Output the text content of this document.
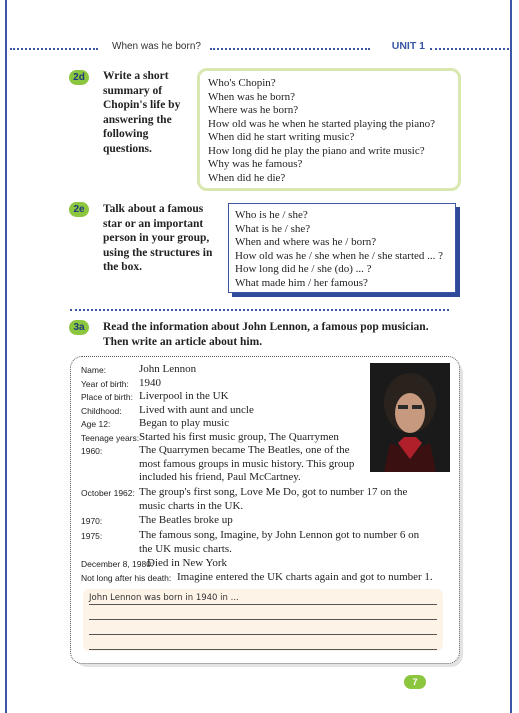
When was he born?	UNIT 1
2d	Write a short
summary of
Chopin's life by
answering the
following
questions.
Who's Chopin?
When was he born?
Where was he born?
How old was he when he started playing the piano?
When did he start writing music?
How long did he play the piano and write music?
Why was he famous?
When did he die?
2e	Talk about a famous
star or an important
person in your group,
using the structures in
the box.
Who is he / she?
What is he / she?
When and where was he / born?
How old was he / she when he / she started ... ?
How long did he / she (do) ... ?
What made him / her famous?
3a	Read the information about John Lennon, a famous pop musician.
Then write an article about him.
Name:	John Lennon
Year of birth: 1940
Place of birth: Liverpool in the UK
Childhood: Lived with aunt and uncle
Age 12:	Began to play music
Teenage years: Started his first music group, The Quarrymen
1960:	The Quarrymen became The Beatles, one of the
most famous groups in music history. This group
included his friend, Paul McCartney.
October 1962: The group's first song, Love Me Do, got to number 17 on the
music charts in the UK.
1970:	The Beatles broke up
1975:	The famous song, Imagine, by John Lennon got to number 6 on
the UK music charts.
December 8, 1980:
Died in New York
Not long after his death: Imagine entered the UK charts again and got to number 1.
John Lennon was born in 1940 in ...
7
